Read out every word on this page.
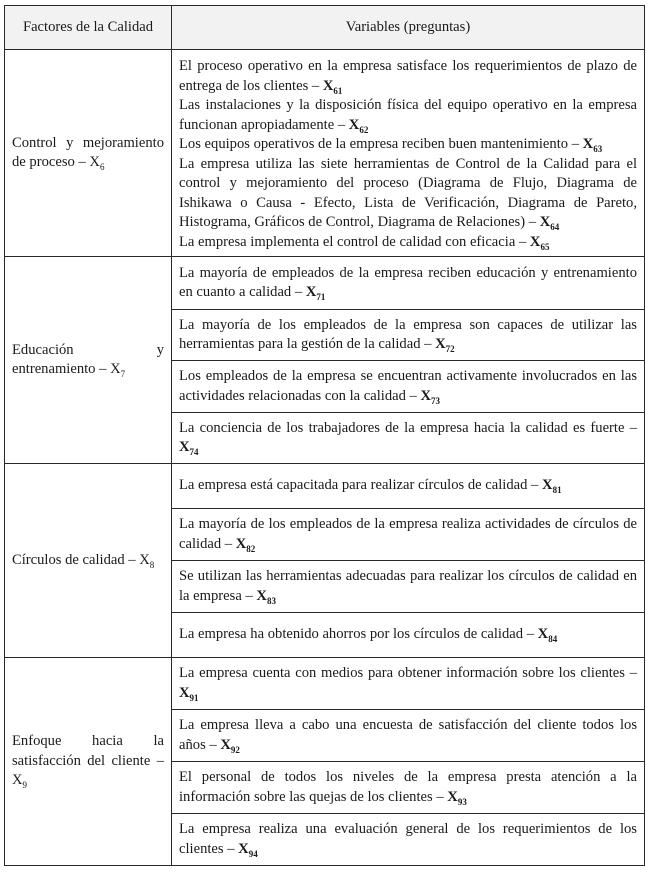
Factores de la Calidad	Variables (preguntas)
Control y mejoramiento de proceso – $X_6$	El proceso operativo en la empresa satisface los requerimientos de plazo de entrega de los clientes – $X_{61}$
Las instalaciones y la disposición física del equipo operativo en la empresa funcionan apropiadamente – $X_{62}$
Los equipos operativos de la empresa reciben buen mantenimiento – $X_{63}$
La empresa utiliza las siete herramientas de Control de la Calidad para el control y mejoramiento del proceso (Diagrama de Flujo, Diagrama de Ishikawa o Causa - Efecto, Lista de Verificación, Diagrama de Pareto, Histograma, Gráficos de Control, Diagrama de Relaciones) – $X_{64}$
La empresa implementa el control de calidad con eficacia – $X_{65}$

Educación y entrenamiento – $X_7$	La mayoría de empleados de la empresa reciben educación y entrenamiento en cuanto a calidad – $X_{71}$
	La mayoría de los empleados de la empresa son capaces de utilizar las herramientas para la gestión de la calidad – $X_{72}$
	Los empleados de la empresa se encuentran activamente involucrados en las actividades relacionadas con la calidad – $X_{73}$
	La conciencia de los trabajadores de la empresa hacia la calidad es fuerte – $X_{74}$
Círculos de calidad – $X_8$	La empresa está capacitada para realizar círculos de calidad – $X_{81}$
	La mayoría de los empleados de la empresa realiza actividades de círculos de calidad – $X_{82}$
	Se utilizan las herramientas adecuadas para realizar los círculos de calidad en la empresa – $X_{83}$
	La empresa ha obtenido ahorros por los círculos de calidad – $X_{84}$
Enfoque hacia la satisfacción del cliente – $X_9$	La empresa cuenta con medios para obtener información sobre los clientes – $X_{91}$
	La empresa lleva a cabo una encuesta de satisfacción del cliente todos los años – $X_{92}$
	El personal de todos los niveles de la empresa presta atención a la información sobre las quejas de los clientes – $X_{93}$
	La empresa realiza una evaluación general de los requerimientos de los clientes – $X_{94}$
